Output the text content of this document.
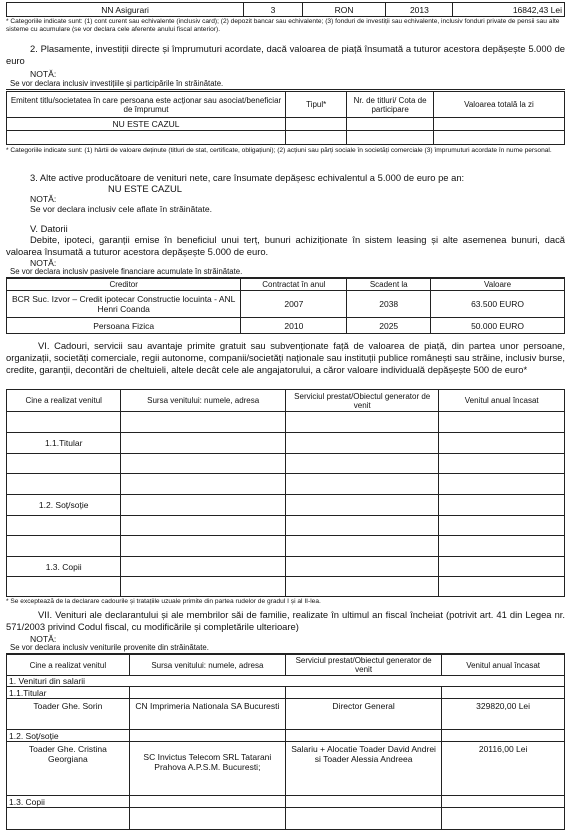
NN Asigurari	3	RON	2013	16842,43 Lei
* Categoriile indicate sunt: (1) cont curent sau echivalente (inclusiv card); (2) depozit bancar sau echivalente; (3) fonduri de investiții sau echivalente, inclusiv fonduri private de pensii sau alte sisteme cu acumulare (se vor declara cele aferente anului fiscal anterior).
2. Plasamente, investiții directe și împrumuturi acordate, dacă valoarea de piață însumată a tuturor acestora depășește 5.000 de euro
NOTĂ:
Se vor declara inclusiv investițiile și participările în străinătate.
Emitent titlu/societatea în care persoana este acționar sau asociat/beneficiar de împrumut	Tipul*	Nr. de titluri/ Cota de participare	Valoarea totală la zi
NU ESTE CAZUL			

* Categoriile indicate sunt: (1) hârtii de valoare deținute (titluri de stat, certificate, obligațiuni); (2) acțiuni sau părți sociale în societăți comerciale (3) împrumuturi acordate în nume personal.
3. Alte active producătoare de venituri nete, care însumate depășesc echivalentul a 5.000 de euro pe an:
NU ESTE CAZUL
NOTĂ:
Se vor declara inclusiv cele aflate în străinătate.
V. Datorii
Debite, ipoteci, garanții emise în beneficiul unui terț, bunuri achiziționate în sistem leasing și alte asemenea bunuri, dacă valoarea însumată a tuturor acestora depășește 5.000 de euro.
NOTĂ:
Se vor declara inclusiv pasivele financiare acumulate în străinătate.
Creditor	Contractat în anul	Scadent la	Valoare
BCR Suc. Izvor – Credit ipotecar Constructie locuinta - ANL Henri Coanda	2007	2038	63.500 EURO
Persoana Fizica	2010	2025	50.000 EURO
VI. Cadouri, servicii sau avantaje primite gratuit sau subvenționate față de valoarea de piață, din partea unor persoane, organizații, societăți comerciale, regii autonome, companii/societăți naționale sau instituții publice românești sau străine, inclusiv burse, credite, garanții, decontări de cheltuieli, altele decât cele ale angajatorului, a căror valoare individuală depășește 500 de euro*
Cine a realizat venitul	Sursa venitului: numele, adresa	Serviciul prestat/Obiectul generator de venit	Venitul anual încasat

1.1.Titular			

1.2. Soț/soție			

1.3. Copii			

* Se exceptează de la declarare cadourile și tratațiile uzuale primite din partea rudelor de gradul I și al II-lea.
VII. Venituri ale declarantului și ale membrilor săi de familie, realizate în ultimul an fiscal încheiat (potrivit art. 41 din Legea nr. 571/2003 privind Codul fiscal, cu modificările și completările ulterioare)
NOTĂ:
Se vor declara inclusiv veniturile provenite din străinătate.
Cine a realizat venitul	Sursa venitului: numele, adresa	Serviciul prestat/Obiectul generator de venit	Venitul anual încasat
1. Venituri din salarii			
1.1.Titular			
Toader Ghe. Sorin	CN Imprimeria Nationala SA Bucuresti	Director General	329820,00 Lei
1.2. Soț/soție			
Toader Ghe. Cristina Georgiana	SC Invictus Telecom SRL Tatarani Prahova A.P.S.M. Bucuresti;	Salariu + Alocatie Toader David Andrei si Toader Alessia Andreea	20116,00 Lei
1.3. Copii			
